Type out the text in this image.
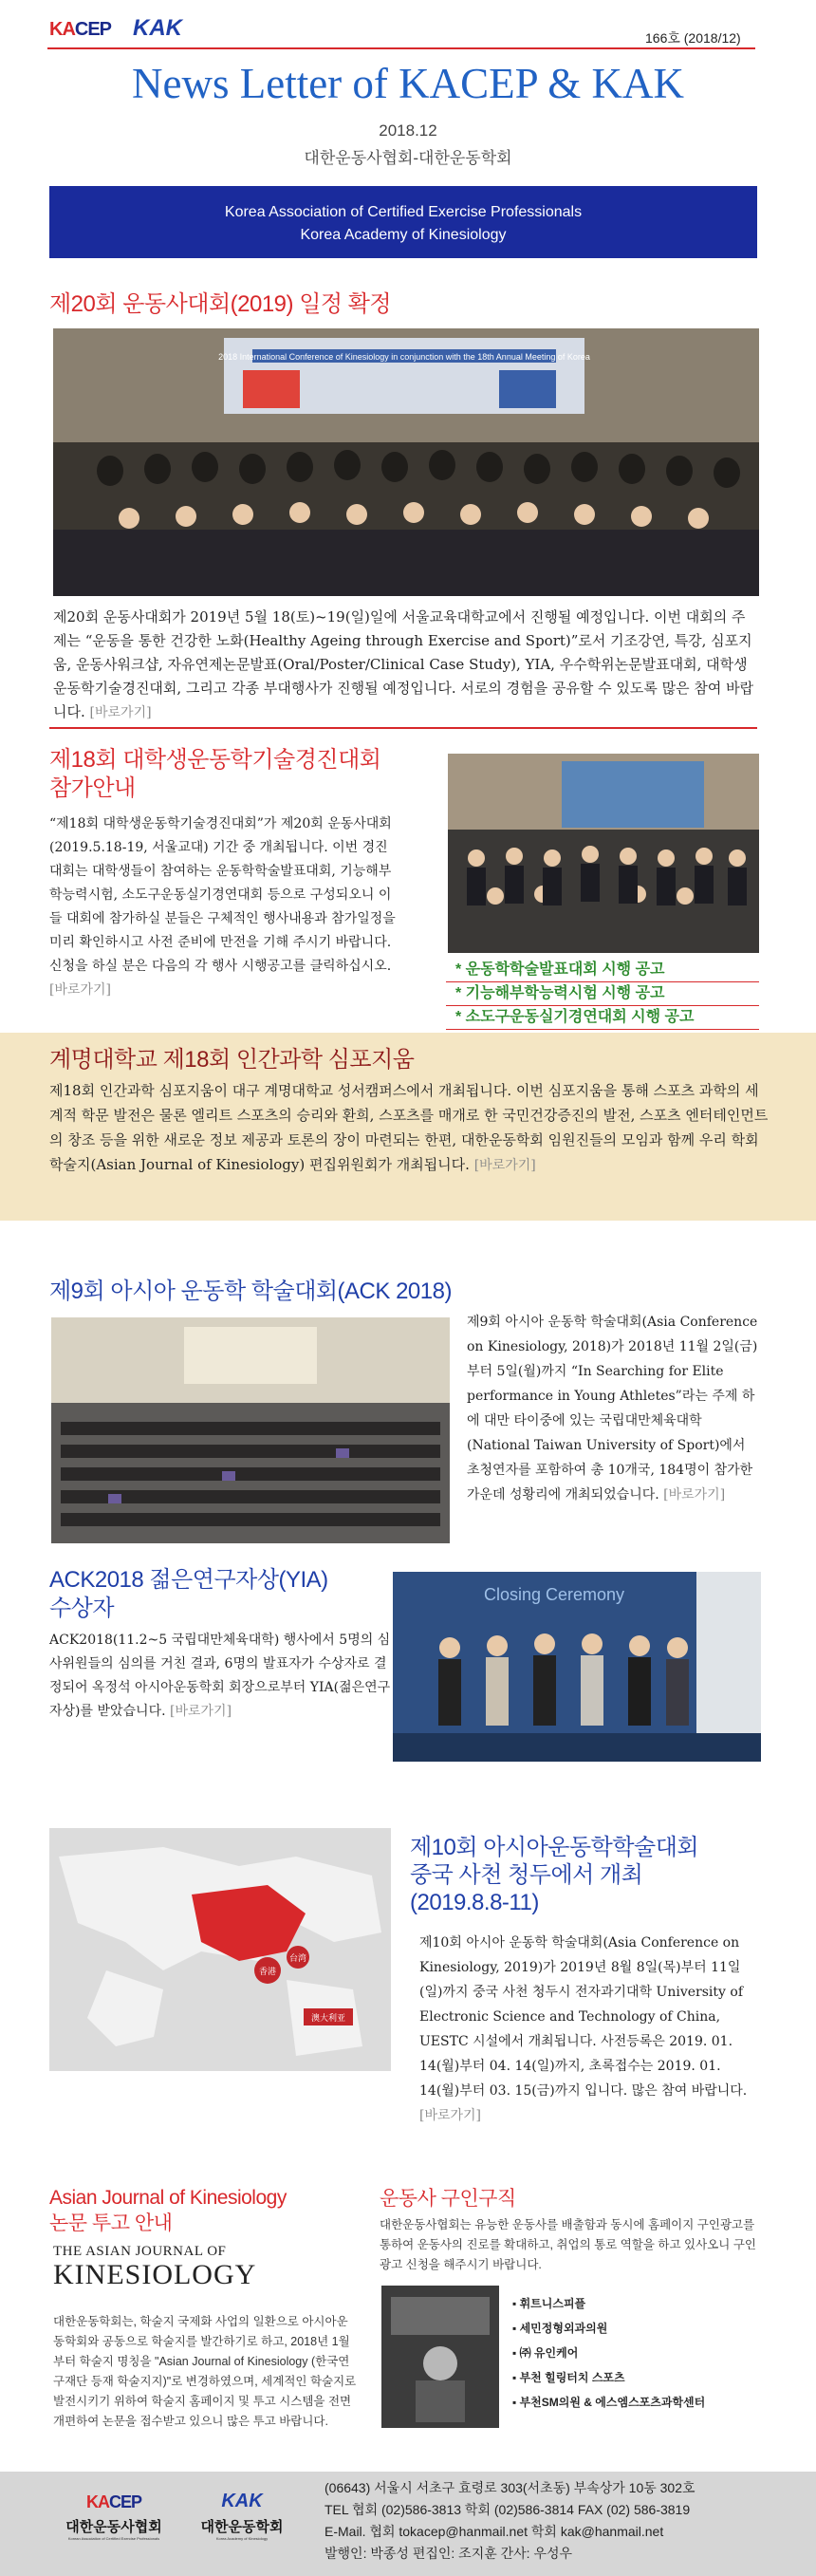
KACEP KAK	166호 (2018/12)
News Letter of KACEP & KAK
2018.12
대한운동사협회-대한운동학회
Korea Association of Certified Exercise Professionals
Korea Academy of Kinesiology
제20회 운동사대회(2019) 일정 확정
2018 International Conference of Kinesiology in conjunction with the 18th Annual Meeting of Korea
제20회 운동사대회가 2019년 5월 18(토)~19(일)일에 서울교육대학교에서 진행될 예정입니다. 이번 대회의 주제는 “운동을 통한 건강한 노화(Healthy Ageing through Exercise and Sport)”로서 기조강연, 특강, 심포지움, 운동사워크샵, 자유연제논문발표(Oral/Poster/Clinical Case Study), YIA, 우수학위논문발표대회, 대학생운동학기술경진대회, 그리고 각종 부대행사가 진행될 예정입니다. 서로의 경험을 공유할 수 있도록 많은 참여 바랍니다. [바로가기]
제18회 대학생운동학기술경진대회
참가안내
“제18회 대학생운동학기술경진대회”가 제20회 운동사대회(2019.5.18-19, 서울교대) 기간 중 개최됩니다. 이번 경진대회는 대학생들이 참여하는 운동학학술발표대회, 기능해부학능력시험, 소도구운동실기경연대회 등으로 구성되오니 이들 대회에 참가하실 분들은 구체적인 행사내용과 참가일정을 미리 확인하시고 사전 준비에 만전을 기해 주시기 바랍니다. 신청을 하실 분은 다음의 각 행사 시행공고를 클릭하십시오. [바로가기]
* 운동학학술발표대회 시행 공고
* 기능해부학능력시험 시행 공고
* 소도구운동실기경연대회 시행 공고
계명대학교 제18회 인간과학 심포지움
제18회 인간과학 심포지움이 대구 계명대학교 성서캠퍼스에서 개최됩니다. 이번 심포지움을 통해 스포츠 과학의 세계적 학문 발전은 물론 엘리트 스포츠의 승리와 환희, 스포츠를 매개로 한 국민건강증진의 발전, 스포츠 엔터테인먼트의 창조 등을 위한 새로운 정보 제공과 토론의 장이 마련되는 한편, 대한운동학회 임원진들의 모임과 함께 우리 학회 학술지(Asian Journal of Kinesiology) 편집위원회가 개최됩니다. [바로가기]
제9회 아시아 운동학 학술대회(ACK 2018)
제9회 아시아 운동학 학술대회(Asia Conference on Kinesiology, 2018)가 2018년 11월 2일(금)부터 5일(월)까지 “In Searching for Elite performance in Young Athletes”라는 주제 하에 대만 타이중에 있는 국립대만체육대학(National Taiwan University of Sport)에서 초청연자를 포함하여 총 10개국, 184명이 참가한 가운데 성황리에 개최되었습니다. [바로가기]
ACK2018 젊은연구자상(YIA)
수상자
ACK2018(11.2~5 국립대만체육대학) 행사에서 5명의 심사위원들의 심의를 거친 결과, 6명의 발표자가 수상자로 결정되어 옥정석 아시아운동학회 회장으로부터 YIA(젊은연구자상)를 받았습니다. [바로가기]
Closing Ceremony
香港
台湾
澳大利亚
제10회 아시아운동학학술대회
중국 사천 청두에서 개최
(2019.8.8-11)
제10회 아시아 운동학 학술대회(Asia Conference on Kinesiology, 2019)가 2019년 8월 8일(목)부터 11일(일)까지 중국 사천 청두시 전자과기대학 University of Electronic Science and Technology of China, UESTC 시설에서 개최됩니다. 사전등록은 2019. 01. 14(월)부터 04. 14(일)까지, 초록접수는 2019. 01. 14(월)부터 03. 15(금)까지 입니다. 많은 참여 바랍니다. [바로가기]
Asian Journal of Kinesiology
논문 투고 안내
THE ASIAN JOURNAL OF
KINESIOLOGY
대한운동학회는, 학술지 국제화 사업의 일환으로 아시아운동학회와 공동으로 학술지를 발간하기로 하고, 2018년 1월부터 학술지 명칭을 "Asian Journal of Kinesiology (한국연구재단 등재 학술지지)"로 변경하였으며, 세계적인 학술지로 발전시키기 위하여 학술지 홈페이지 및 투고 시스템을 전면 개편하여 논문을 접수받고 있으니 많은 투고 바랍니다.
운동사 구인구직
대한운동사협회는 유능한 운동사를 배출함과 동시에 홈페이지 구인광고를 통하여 운동사의 진로를 확대하고, 취업의 통로 역할을 하고 있사오니 구인광고 신청을 해주시기 바랍니다.
▪ 휘트니스피플
▪ 세민정형외과의원
▪ ㈜ 유인케어
▪ 부천 힐링터치 스포츠
▪ 부천SM의원 & 에스엠스포츠과학센터
KACEP
대한운동사협회
Korean Association of Certified Exercise Professionals
KAK
대한운동학회
Korea Academy of Kinesiology
(06643) 서울시 서초구 효령로 303(서초동) 부속상가 10동 302호
TEL 협회 (02)586-3813 학회 (02)586-3814 FAX (02) 586-3819
E-Mail. 협회 tokacep@hanmail.net 학회 kak@hanmail.net
발행인: 박종성 편집인: 조지훈 간사: 우성우
